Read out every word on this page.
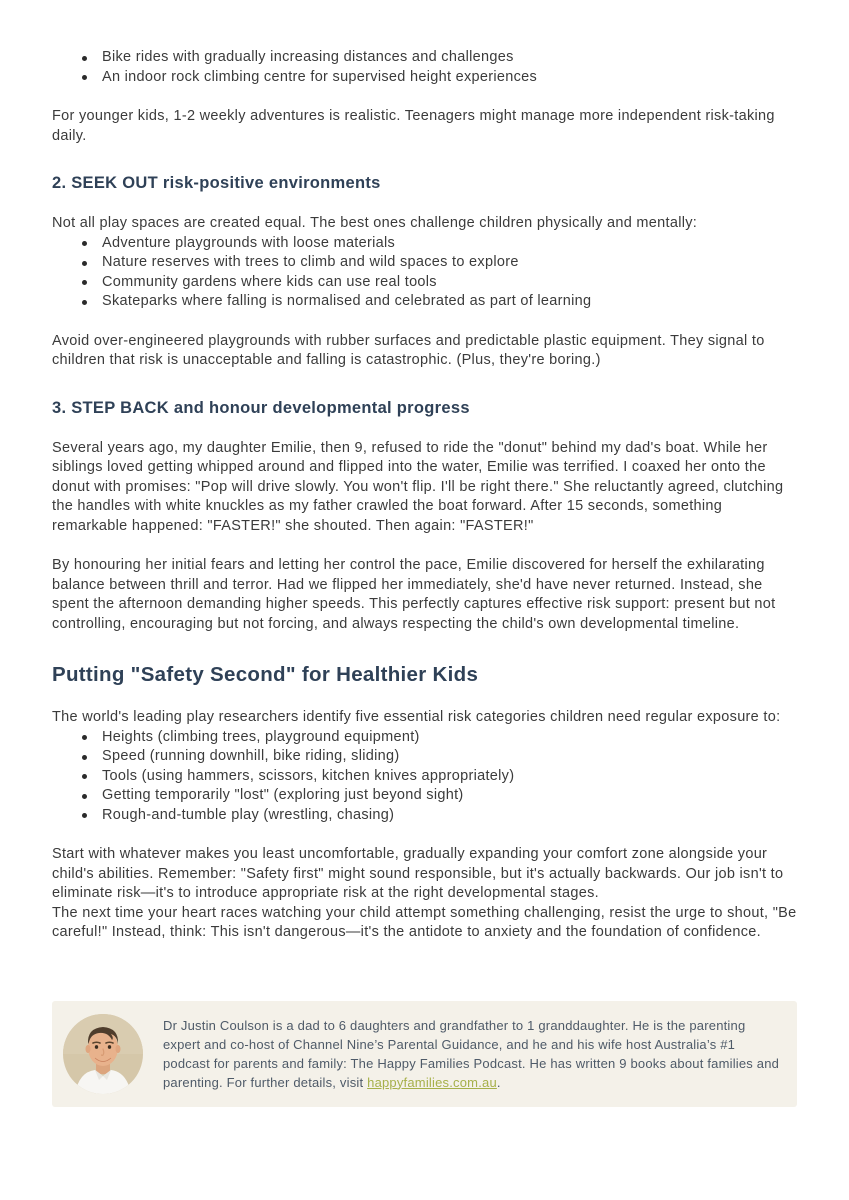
Bike rides with gradually increasing distances and challenges
An indoor rock climbing centre for supervised height experiences

For younger kids, 1-2 weekly adventures is realistic. Teenagers might manage more independent risk-taking daily.

2. SEEK OUT risk-positive environments

Not all play spaces are created equal. The best ones challenge children physically and mentally:

Adventure playgrounds with loose materials
Nature reserves with trees to climb and wild spaces to explore
Community gardens where kids can use real tools
Skateparks where falling is normalised and celebrated as part of learning

Avoid over-engineered playgrounds with rubber surfaces and predictable plastic equipment. They signal to children that risk is unacceptable and falling is catastrophic. (Plus, they're boring.)

3. STEP BACK and honour developmental progress

Several years ago, my daughter Emilie, then 9, refused to ride the "donut" behind my dad's boat. While her siblings loved getting whipped around and flipped into the water, Emilie was terrified. I coaxed her onto the donut with promises: "Pop will drive slowly. You won't flip. I'll be right there." She reluctantly agreed, clutching the handles with white knuckles as my father crawled the boat forward. After 15 seconds, something remarkable happened: "FASTER!" she shouted. Then again: "FASTER!"

By honouring her initial fears and letting her control the pace, Emilie discovered for herself the exhilarating balance between thrill and terror. Had we flipped her immediately, she'd have never returned. Instead, she spent the afternoon demanding higher speeds. This perfectly captures effective risk support: present but not controlling, encouraging but not forcing, and always respecting the child's own developmental timeline.

Putting "Safety Second" for Healthier Kids

The world's leading play researchers identify five essential risk categories children need regular exposure to:

Heights (climbing trees, playground equipment)
Speed (running downhill, bike riding, sliding)
Tools (using hammers, scissors, kitchen knives appropriately)
Getting temporarily "lost" (exploring just beyond sight)
Rough-and-tumble play (wrestling, chasing)

Start with whatever makes you least uncomfortable, gradually expanding your comfort zone alongside your child's abilities. Remember: "Safety first" might sound responsible, but it's actually backwards. Our job isn't to eliminate risk—it's to introduce appropriate risk at the right developmental stages.

The next time your heart races watching your child attempt something challenging, resist the urge to shout, "Be careful!" Instead, think: This isn't dangerous—it's the antidote to anxiety and the foundation of confidence.

Dr Justin Coulson is a dad to 6 daughters and grandfather to 1 granddaughter. He is the parenting expert and co-host of Channel Nine’s Parental Guidance, and he and his wife host Australia’s #1 podcast for parents and family: The Happy Families Podcast. He has written 9 books about families and parenting. For further details, visit happyfamilies.com.au.
